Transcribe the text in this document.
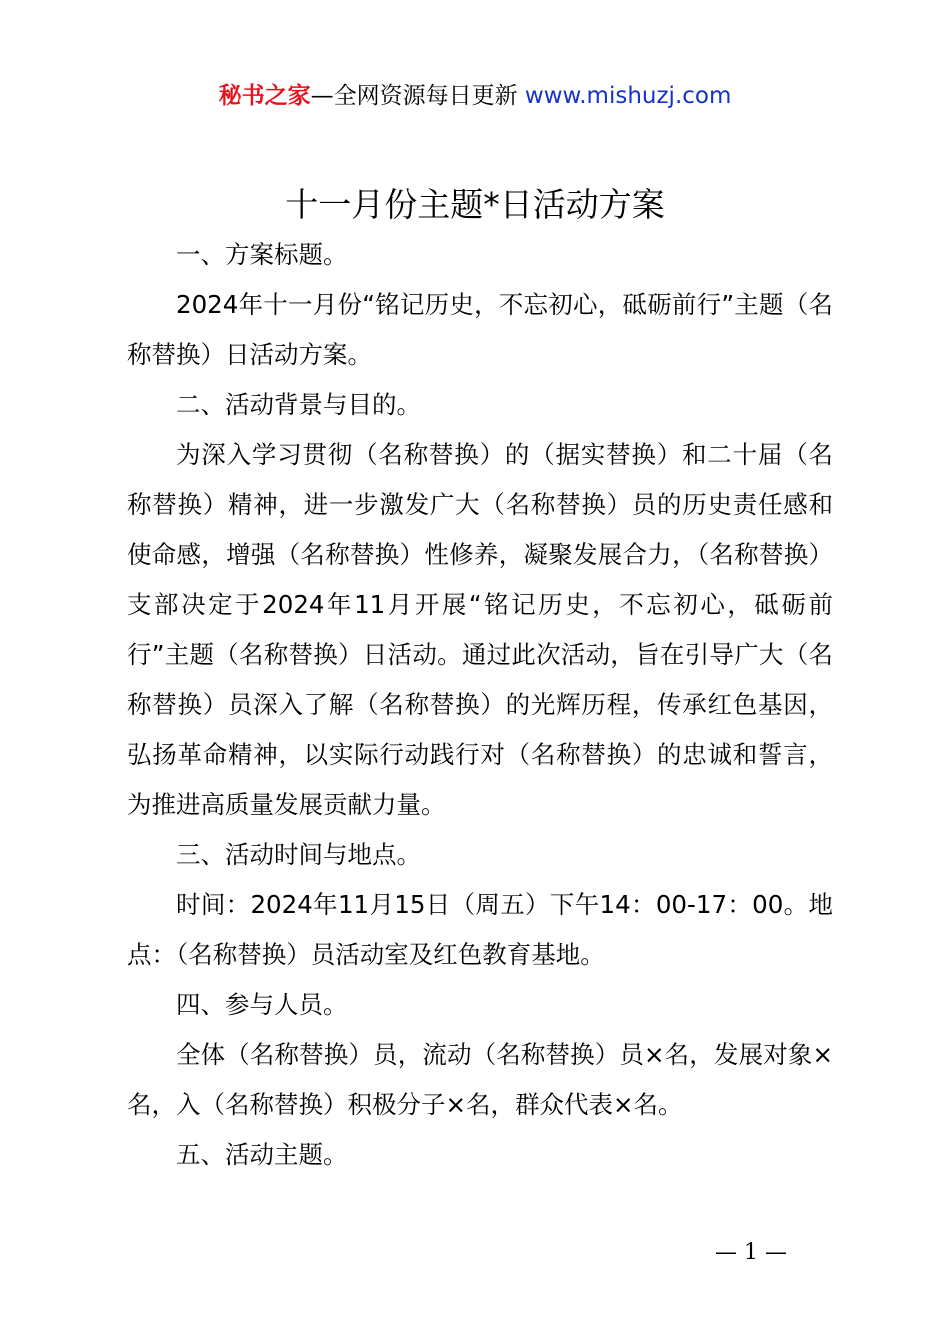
秘书之家—全网资源每日更新 www.mishuzj.com
十一月份主题*日活动方案

一、方案标题。

2024年十一月份“铭记历史，不忘初心，砥砺前行”主题（名称替换）日活动方案。

二、活动背景与目的。

为深入学习贯彻（名称替换）的（据实替换）和二十届（名称替换）精神，进一步激发广大（名称替换）员的历史责任感和使命感，增强（名称替换）性修养，凝聚发展合力，（名称替换）支部决定于2024年11月开展“铭记历史，不忘初心，砥砺前行”主题（名称替换）日活动。通过此次活动，旨在引导广大（名称替换）员深入了解（名称替换）的光辉历程，传承红色基因，弘扬革命精神，以实际行动践行对（名称替换）的忠诚和誓言，为推进高质量发展贡献力量。

三、活动时间与地点。

时间：2024年11月15日（周五）下午14：00-17：00。地点：（名称替换）员活动室及红色教育基地。

四、参与人员。

全体（名称替换）员，流动（名称替换）员×名，发展对象×名，入（名称替换）积极分子×名，群众代表×名。

五、活动主题。

— 1 —
